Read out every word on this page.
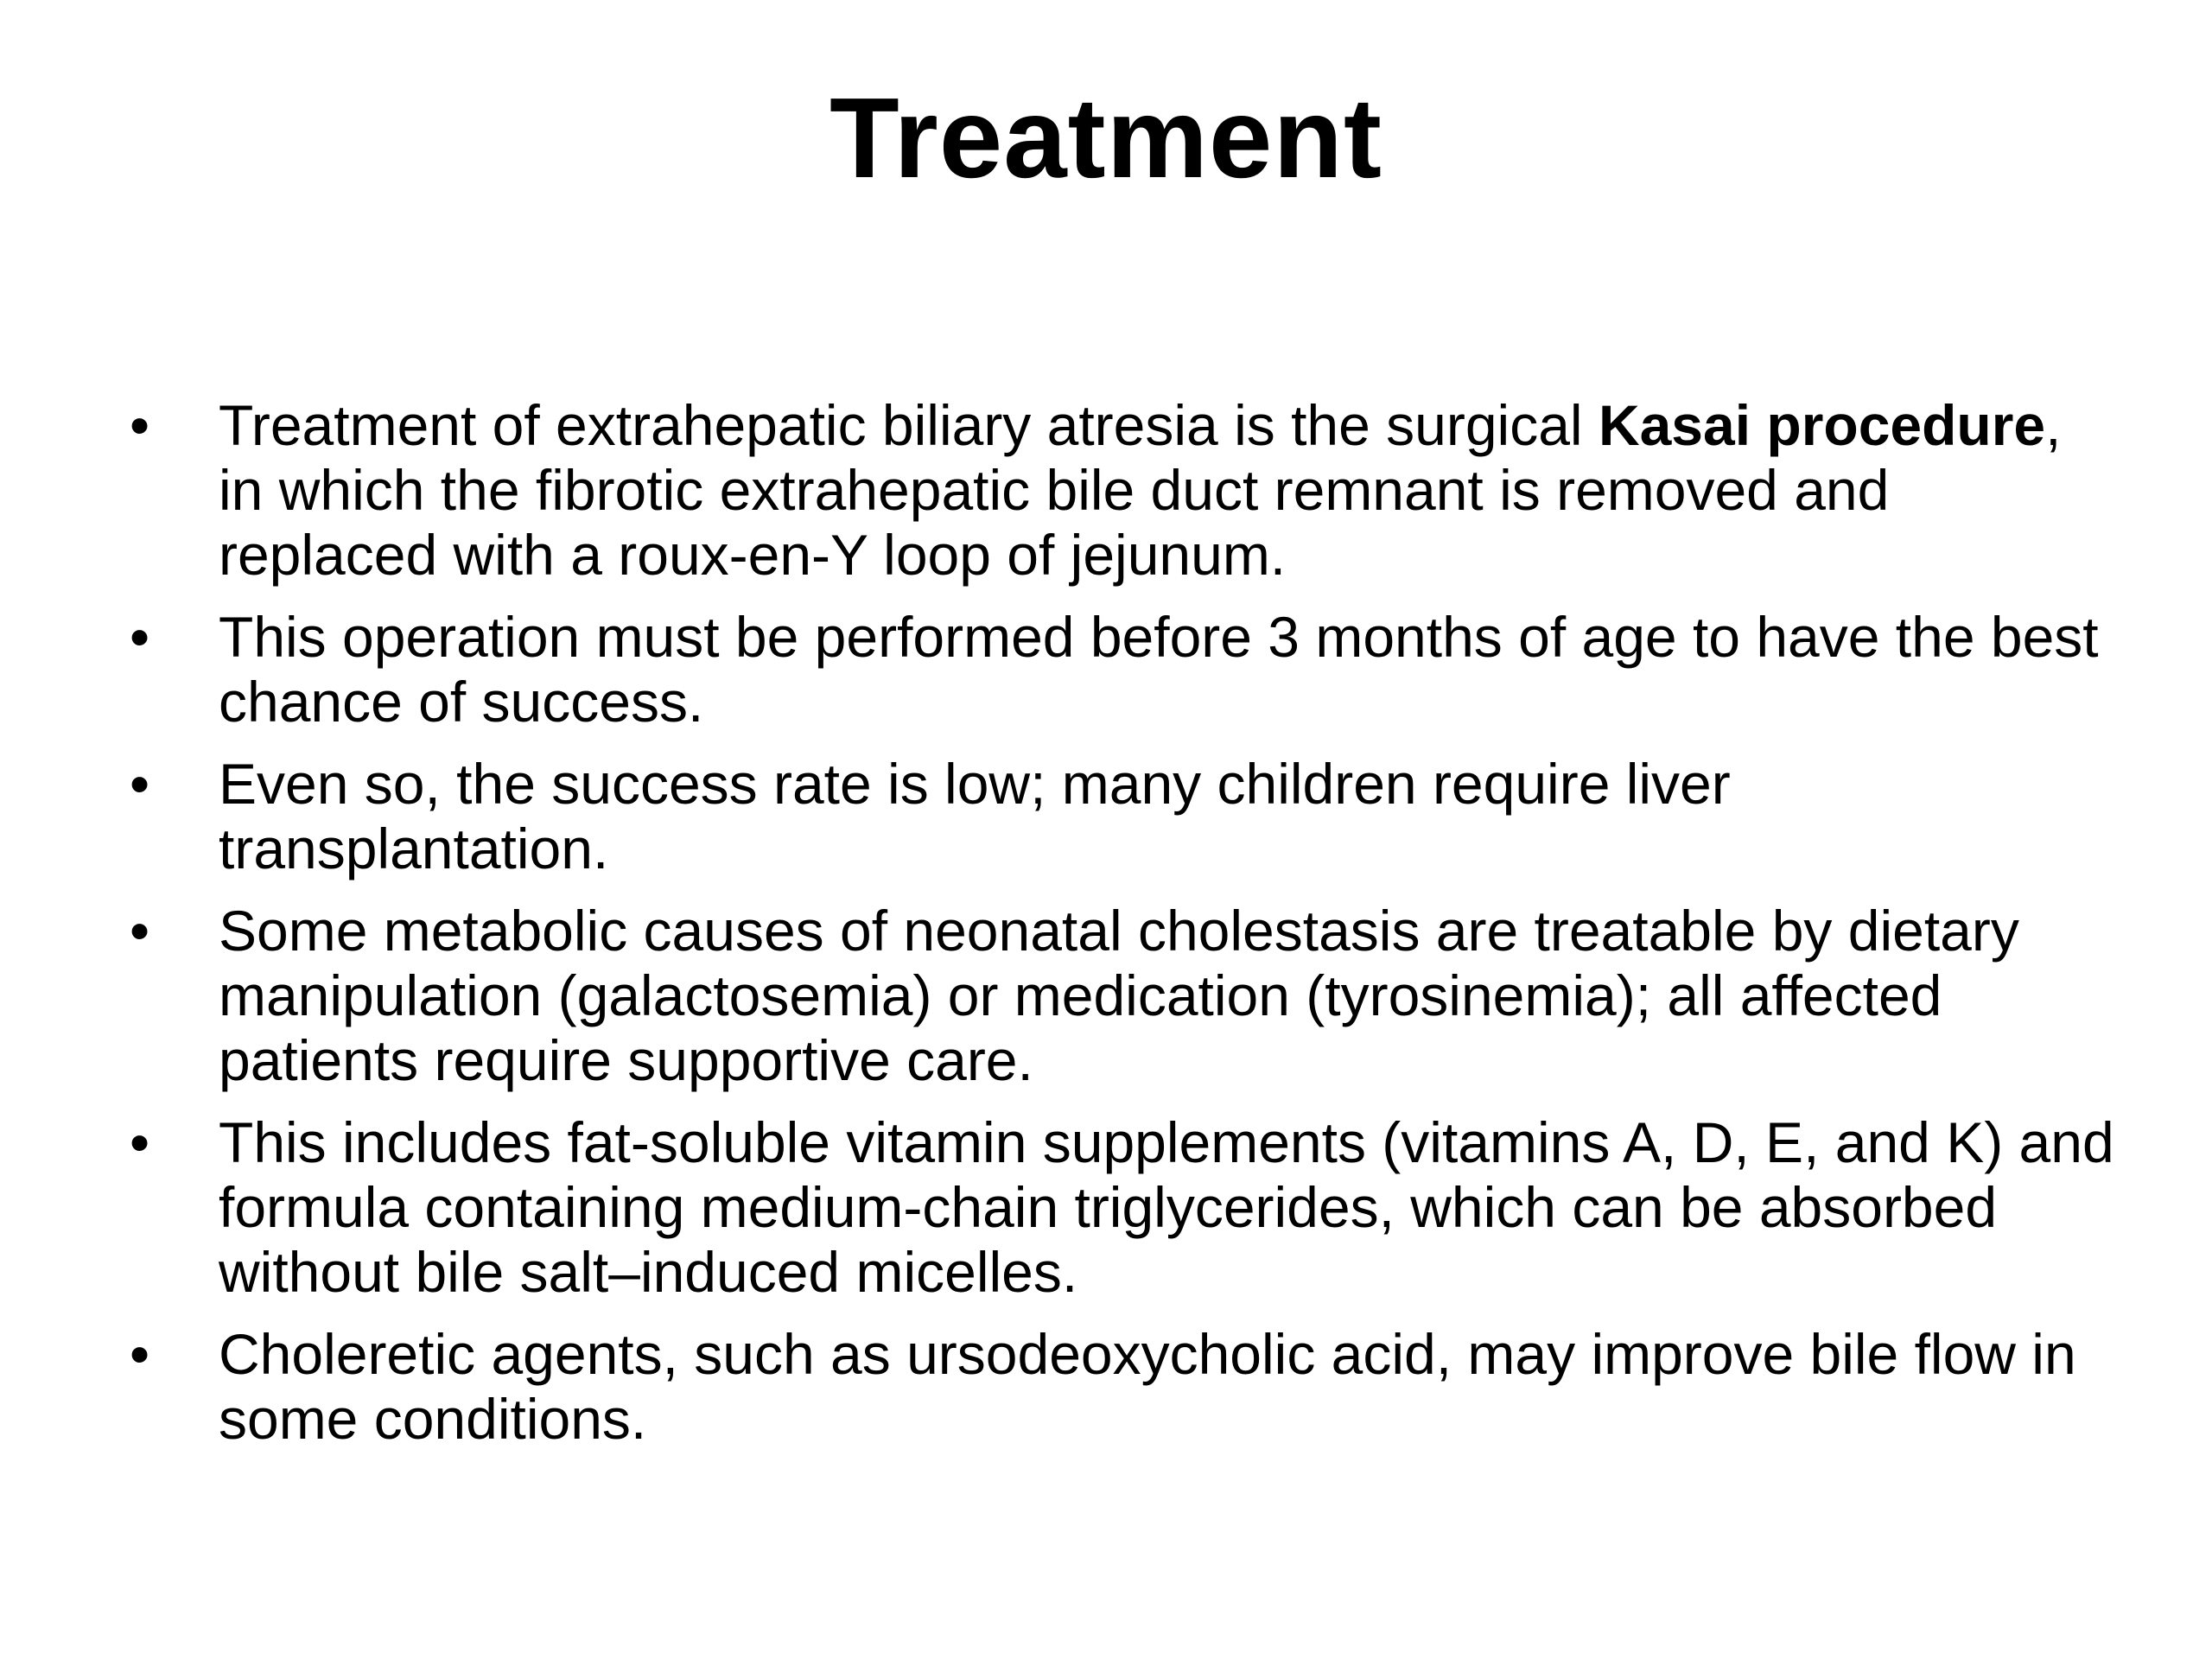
Treatment
• Treatment of extrahepatic biliary atresia is the surgical Kasai procedure, in which the fibrotic extrahepatic bile duct remnant is removed and replaced with a roux-en-Y loop of jejunum.
• This operation must be performed before 3 months of age to have the best chance of success.
• Even so, the success rate is low; many children require liver transplantation.
• Some metabolic causes of neonatal cholestasis are treatable by dietary manipulation (galactosemia) or medication (tyrosinemia); all affected patients require supportive care.
• This includes fat-soluble vitamin supplements (vitamins A, D, E, and K) and formula containing medium-chain triglycerides, which can be absorbed without bile salt–induced micelles.
• Choleretic agents, such as ursodeoxycholic acid, may improve bile flow in some conditions.
